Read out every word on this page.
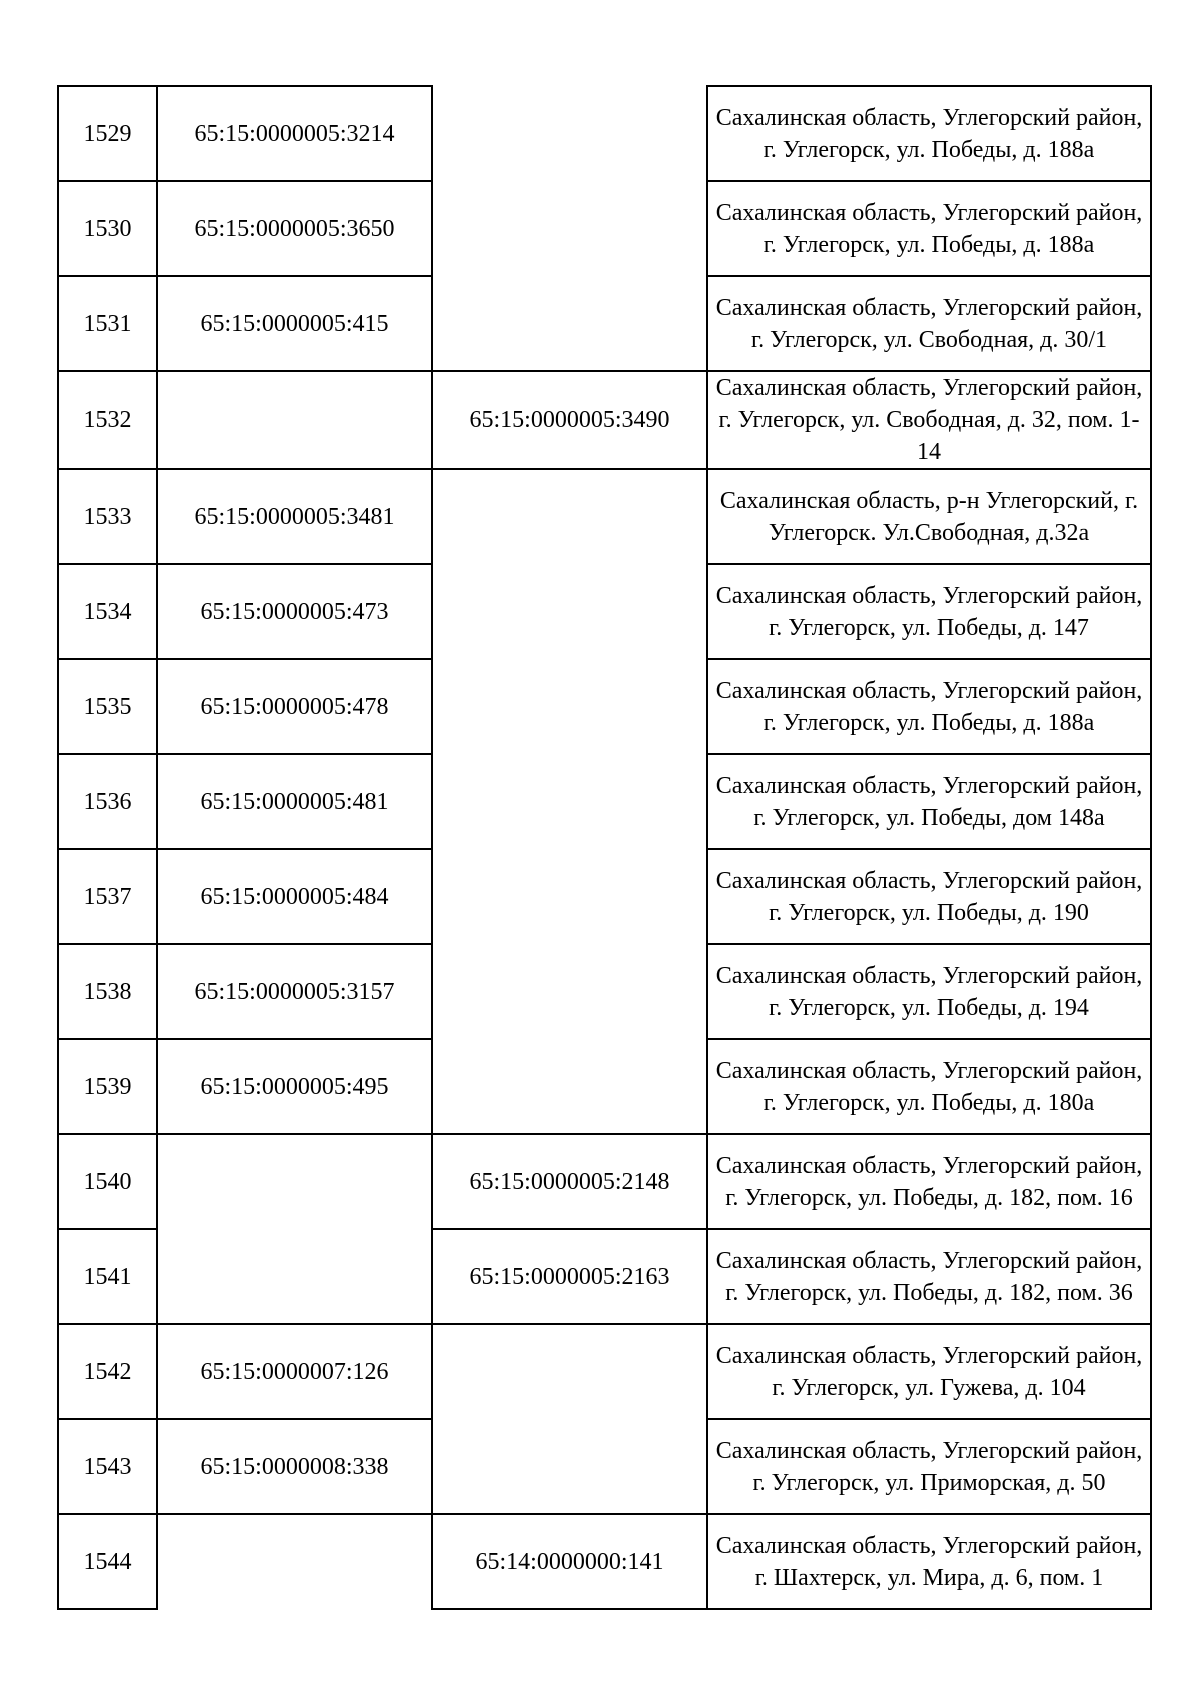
1529	65:15:0000005:3214		Сахалинская область, Углегорский район, г. Углегорск, ул. Победы, д. 188а
1530	65:15:0000005:3650		Сахалинская область, Углегорский район, г. Углегорск, ул. Победы, д. 188а
1531	65:15:0000005:415		Сахалинская область, Углегорский район, г. Углегорск, ул. Свободная, д. 30/1
1532		65:15:0000005:3490	Сахалинская область, Углегорский район, г. Углегорск, ул. Свободная, д. 32, пом. 1-14
1533	65:15:0000005:3481		Сахалинская область, р-н Углегорский, г. Углегорск. Ул.Свободная, д.32а
1534	65:15:0000005:473		Сахалинская область, Углегорский район, г. Углегорск, ул. Победы, д. 147
1535	65:15:0000005:478		Сахалинская область, Углегорский район, г. Углегорск, ул. Победы, д. 188а
1536	65:15:0000005:481		Сахалинская область, Углегорский район, г. Углегорск, ул. Победы, дом 148а
1537	65:15:0000005:484		Сахалинская область, Углегорский район, г. Углегорск, ул. Победы, д. 190
1538	65:15:0000005:3157		Сахалинская область, Углегорский район, г. Углегорск, ул. Победы, д. 194
1539	65:15:0000005:495		Сахалинская область, Углегорский район, г. Углегорск, ул. Победы, д. 180а
1540		65:15:0000005:2148	Сахалинская область, Углегорский район, г. Углегорск, ул. Победы, д. 182, пом. 16
1541		65:15:0000005:2163	Сахалинская область, Углегорский район, г. Углегорск, ул. Победы, д. 182, пом. 36
1542	65:15:0000007:126		Сахалинская область, Углегорский район, г. Углегорск, ул. Гужева, д. 104
1543	65:15:0000008:338		Сахалинская область, Углегорский район, г. Углегорск, ул. Приморская, д. 50
1544		65:14:0000000:141	Сахалинская область, Углегорский район, г. Шахтерск, ул. Мира, д. 6, пом. 1
